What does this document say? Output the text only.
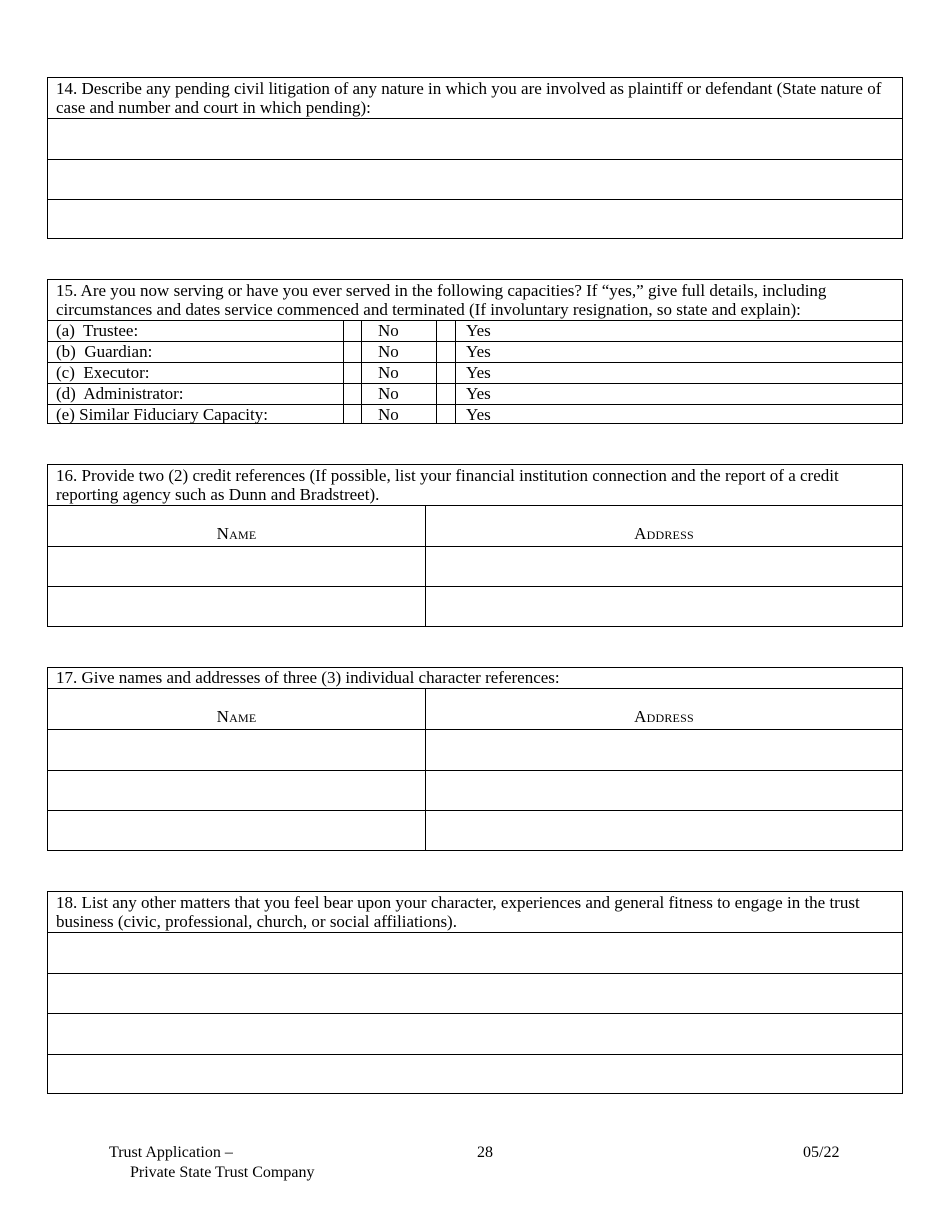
14. Describe any pending civil litigation of any nature in which you are involved as plaintiff or defendant (State nature of case and number and court in which pending):
15. Are you now serving or have you ever served in the following capacities? If “yes,” give full details, including circumstances and dates service commenced and terminated (If involuntary resignation, so state and explain):
(a)  Trustee:	No	Yes
(b)  Guardian:	No	Yes
(c)  Executor:	No	Yes
(d)  Administrator:	No	Yes
(e) Similar Fiduciary Capacity:	No	Yes
16. Provide two (2) credit references (If possible, list your financial institution connection and the report of a credit reporting agency such as Dunn and Bradstreet).
Name	Address
17. Give names and addresses of three (3) individual character references:
Name	Address
18. List any other matters that you feel bear upon your character, experiences and general fitness to engage in the trust business (civic, professional, church, or social affiliations).
Trust Application –
Private State Trust Company
28	05/22
